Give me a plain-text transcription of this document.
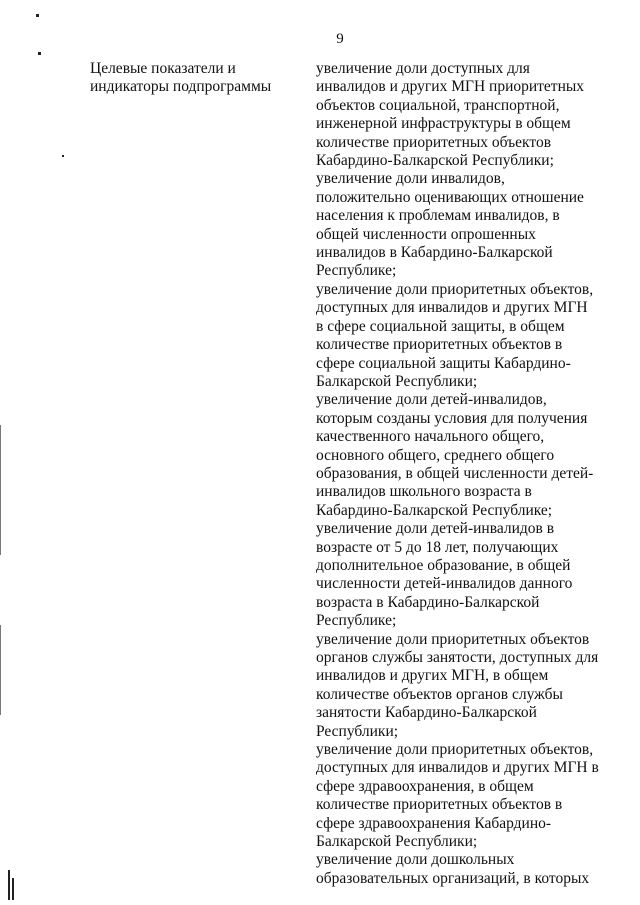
9
Целевые показатели и
индикаторы подпрограммы
увеличение доли доступных для
инвалидов и других МГН приоритетных
объектов социальной, транспортной,
инженерной инфраструктуры в общем
количестве приоритетных объектов
Кабардино-Балкарской Республики;
увеличение доли инвалидов,
положительно оценивающих отношение
населения к проблемам инвалидов, в
общей численности опрошенных
инвалидов в Кабардино-Балкарской
Республике;
увеличение доли приоритетных объектов,
доступных для инвалидов и других МГН
в сфере социальной защиты, в общем
количестве приоритетных объектов в
сфере социальной защиты Кабардино-
Балкарской Республики;
увеличение доли детей-инвалидов,
которым созданы условия для получения
качественного начального общего,
основного общего, среднего общего
образования, в общей численности детей-
инвалидов школьного возраста в
Кабардино-Балкарской Республике;
увеличение доли детей-инвалидов в
возрасте от 5 до 18 лет, получающих
дополнительное образование, в общей
численности детей-инвалидов данного
возраста в Кабардино-Балкарской
Республике;
увеличение доли приоритетных объектов
органов службы занятости, доступных для
инвалидов и других МГН, в общем
количестве объектов органов службы
занятости Кабардино-Балкарской
Республики;
увеличение доли приоритетных объектов,
доступных для инвалидов и других МГН в
сфере здравоохранения, в общем
количестве приоритетных объектов в
сфере здравоохранения Кабардино-
Балкарской Республики;
увеличение доли дошкольных
образовательных организаций, в которых
